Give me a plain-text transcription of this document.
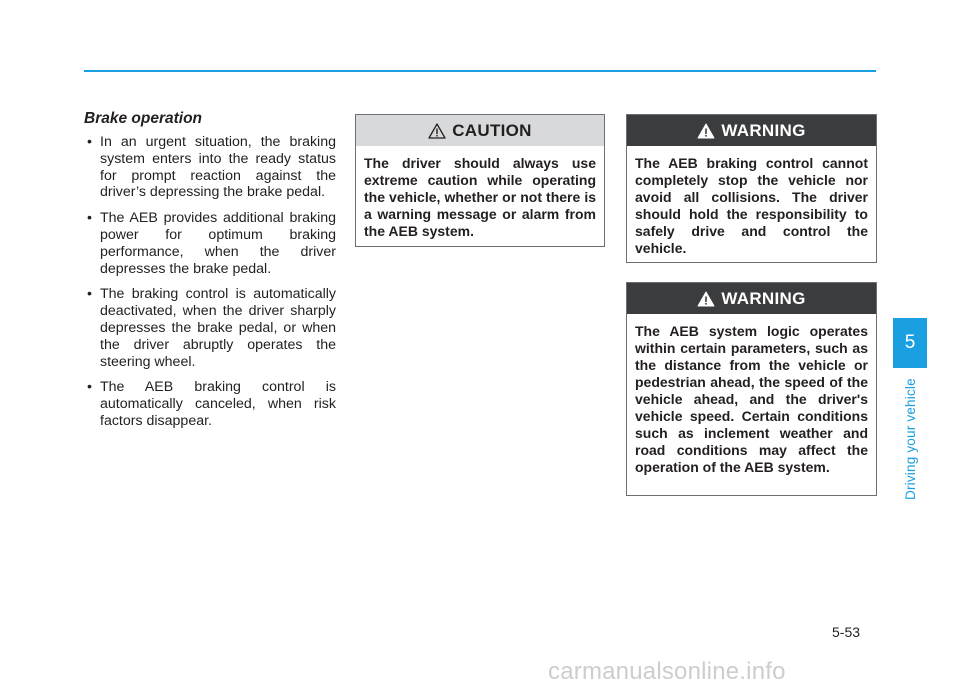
Brake operation
• In an urgent situation, the braking system enters into the ready status for prompt reaction against the driver’s depressing the brake pedal.
• The AEB provides additional braking power for optimum braking performance, when the driver depresses the brake pedal.
• The braking control is automatically deactivated, when the driver sharply depresses the brake pedal, or when the driver abruptly operates the steering wheel.
• The AEB braking control is automatically canceled, when risk factors disappear.
CAUTION
The driver should always use extreme caution while operating the vehicle, whether or not there is a warning message or alarm from the AEB system.
WARNING
The AEB braking control cannot completely stop the vehicle nor avoid all collisions. The driver should hold the responsibility to safely drive and control the vehicle.
WARNING
The AEB system logic operates within certain parameters, such as the distance from the vehicle or pedestrian ahead, the speed of the vehicle ahead, and the driver's vehicle speed. Certain conditions such as inclement weather and road conditions may affect the operation of the AEB system.
5
Driving your vehicle
5-53
carmanualsonline.info
